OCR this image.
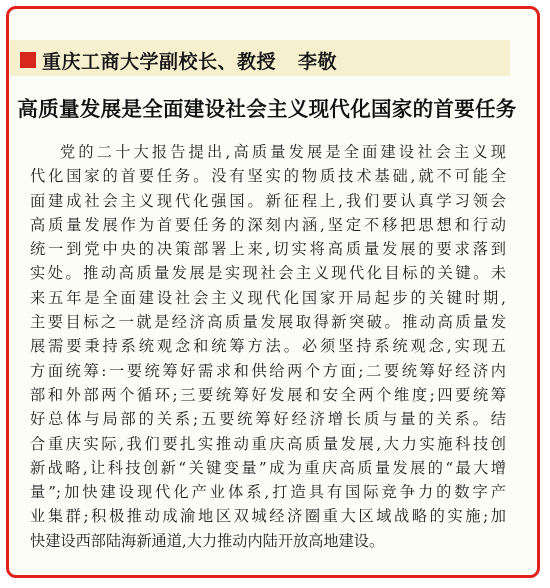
重庆工商大学副校长、教授 李敬
高质量发展是全面建设社会主义现代化国家的首要任务
党的二十大报告提出,高质量发展是全面建设社会主义现
代化国家的首要任务。没有坚实的物质技术基础,就不可能全
面建成社会主义现代化强国。新征程上,我们要认真学习领会
高质量发展作为首要任务的深刻内涵,坚定不移把思想和行动
统一到党中央的决策部署上来,切实将高质量发展的要求落到
实处。推动高质量发展是实现社会主义现代化目标的关键。未
来五年是全面建设社会主义现代化国家开局起步的关键时期,
主要目标之一就是经济高质量发展取得新突破。推动高质量发
展需要秉持系统观念和统筹方法。必须坚持系统观念,实现五
方面统筹:一要统筹好需求和供给两个方面;二要统筹好经济内
部和外部两个循环;三要统筹好发展和安全两个维度;四要统筹
好总体与局部的关系;五要统筹好经济增长质与量的关系。结
合重庆实际,我们要扎实推动重庆高质量发展,大力实施科技创
新战略,让科技创新“关键变量”成为重庆高质量发展的“最大增
量”;加快建设现代化产业体系,打造具有国际竞争力的数字产
业集群;积极推动成渝地区双城经济圈重大区域战略的实施;加
快建设西部陆海新通道,大力推动内陆开放高地建设。
